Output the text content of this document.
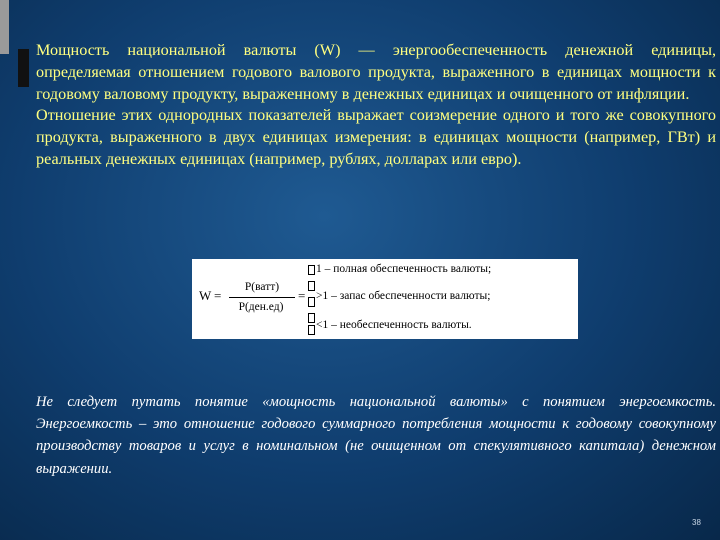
Мощность национальной валюты (W) — энергообеспеченность денежной единицы, определяемая отношением годового валового продукта, выраженного в единицах мощности к годовому валовому продукту, выраженному в денежных единицах и очищенного от инфляции.

Отношение этих однородных показателей выражает соизмерение одного и того же совокупного продукта, выраженного в двух единицах измерения: в единицах мощности (например, ГВт) и реальных денежных единицах (например, рублях, долларах или евро).

W =
P(ватт)
P(ден.ед)
=
1 – полная обеспеченность валюты;
>1 – запас обеспеченности валюты;
<1 – необеспеченность валюты.

Не следует путать понятие «мощность национальной валюты» с понятием энергоемкость. Энергоемкость – это отношение годового суммарного потребления мощности к годовому совокупному производству товаров и услуг в номинальном (не очищенном от спекулятивного капитала) денежном выражении.

38
